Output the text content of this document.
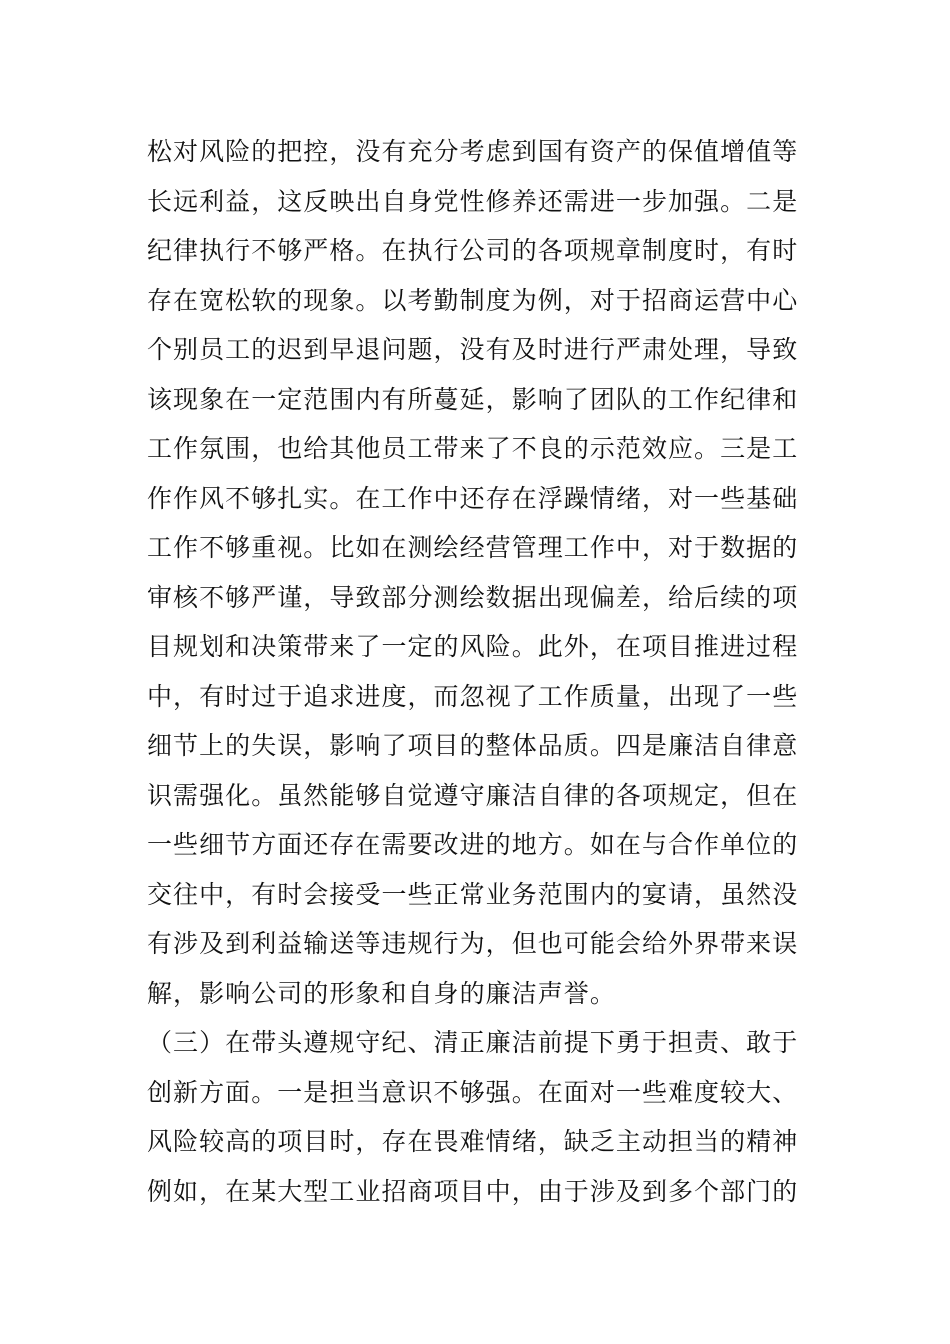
松对风险的把控，没有充分考虑到国有资产的保值增值等
长远利益，这反映出自身党性修养还需进一步加强。二是
纪律执行不够严格。在执行公司的各项规章制度时，有时
存在宽松软的现象。以考勤制度为例，对于招商运营中心
个别员工的迟到早退问题，没有及时进行严肃处理，导致
该现象在一定范围内有所蔓延，影响了团队的工作纪律和
工作氛围，也给其他员工带来了不良的示范效应。三是工
作作风不够扎实。在工作中还存在浮躁情绪，对一些基础
工作不够重视。比如在测绘经营管理工作中，对于数据的
审核不够严谨，导致部分测绘数据出现偏差，给后续的项
目规划和决策带来了一定的风险。此外，在项目推进过程
中，有时过于追求进度，而忽视了工作质量，出现了一些
细节上的失误，影响了项目的整体品质。四是廉洁自律意
识需强化。虽然能够自觉遵守廉洁自律的各项规定，但在
一些细节方面还存在需要改进的地方。如在与合作单位的
交往中，有时会接受一些正常业务范围内的宴请，虽然没
有涉及到利益输送等违规行为，但也可能会给外界带来误
解，影响公司的形象和自身的廉洁声誉。
（三）在带头遵规守纪、清正廉洁前提下勇于担责、敢于
创新方面。一是担当意识不够强。在面对一些难度较大、
风险较高的项目时，存在畏难情绪，缺乏主动担当的精神
例如，在某大型工业招商项目中，由于涉及到多个部门的
